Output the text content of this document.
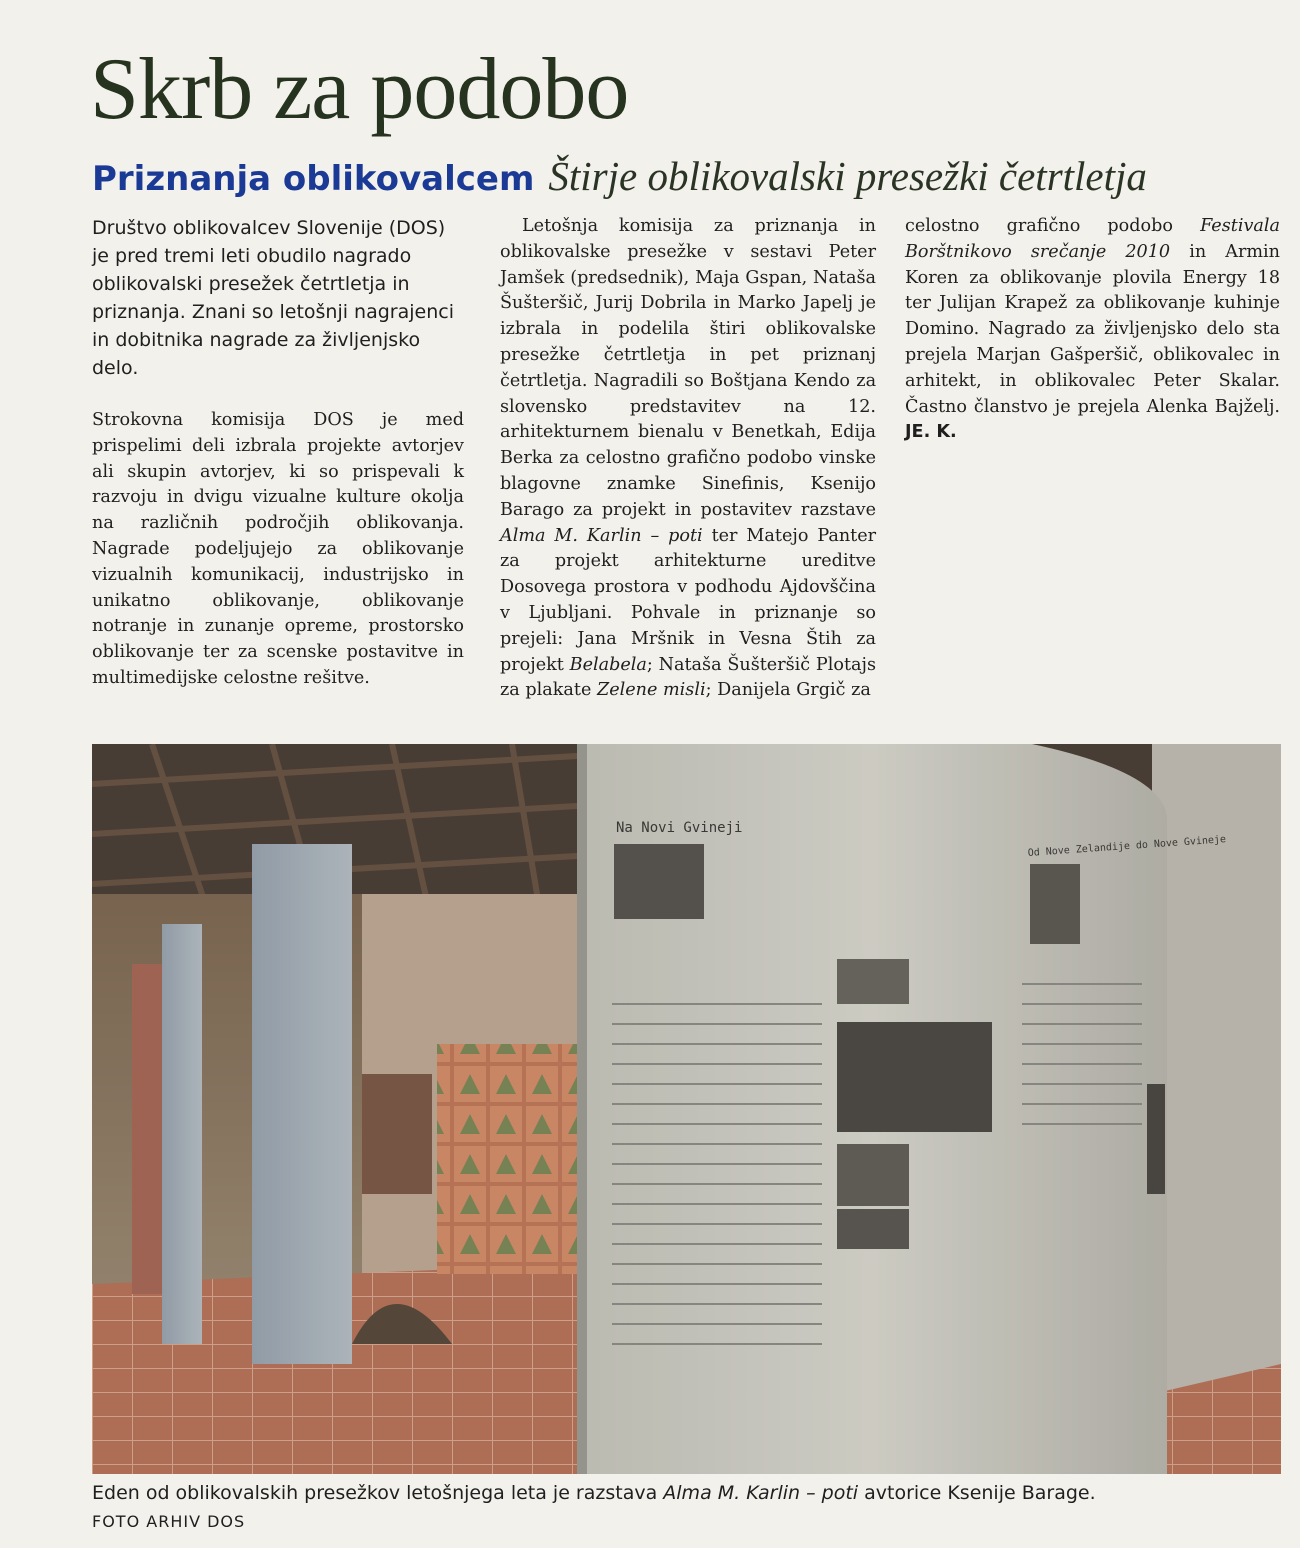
Skrb za podobo
Priznanja oblikovalcem Štirje oblikovalski presežki četrtletja

Društvo oblikovalcev Slovenije (DOS) je pred tremi leti obudilo nagrado oblikovalski presežek četrtletja in priznanja. Znani so letošnji nagrajenci in dobitnika nagrade za življenjsko delo.

Strokovna komisija DOS je med prispelimi deli izbrala projekte avtorjev ali skupin avtorjev, ki so prispevali k razvoju in dvigu vizualne kulture okolja na različnih področjih oblikovanja. Nagrade podeljujejo za oblikovanje vizualnih komunikacij, industrijsko in unikatno oblikovanje, oblikovanje notranje in zunanje opreme, prostorsko oblikovanje ter za scenske postavitve in multimedijske celostne rešitve.

Letošnja komisija za priznanja in oblikovalske presežke v sestavi Peter Jamšek (predsednik), Maja Gspan, Nataša Šušteršič, Jurij Dobrila in Marko Japelj je izbrala in podelila štiri oblikovalske presežke četrtletja in pet priznanj četrtletja. Nagradili so Boštjana Kendo za slovensko predstavitev na 12. arhitekturnem bienalu v Benetkah, Edija Berka za celostno grafično podobo vinske blagovne znamke Sinefinis, Ksenijo Barago za projekt in postavitev razstave Alma M. Karlin – poti ter Matejo Panter za projekt arhitekturne ureditve Dosovega prostora v podhodu Ajdovščina v Ljubljani. Pohvale in priznanje so prejeli: Jana Mršnik in Vesna Štih za projekt Belabela; Nataša Šušteršič Plotajs za plakate Zelene misli; Danijela Grgič za

celostno grafično podobo Festivala Borštnikovo srečanje 2010 in Armin Koren za oblikovanje plovila Energy 18 ter Julijan Krapež za oblikovanje kuhinje Domino. Nagrado za življenjsko delo sta prejela Marjan Gašperšič, oblikovalec in arhitekt, in oblikovalec Peter Skalar. Častno članstvo je prejela Alenka Bajželj. JE. K.

Na Novi Gvineji
Od Nove Zelandije do Nove Gvineje
Eden od oblikovalskih presežkov letošnjega leta je razstava Alma M. Karlin – poti avtorice Ksenije Barage.
FOTO ARHIV DOS
